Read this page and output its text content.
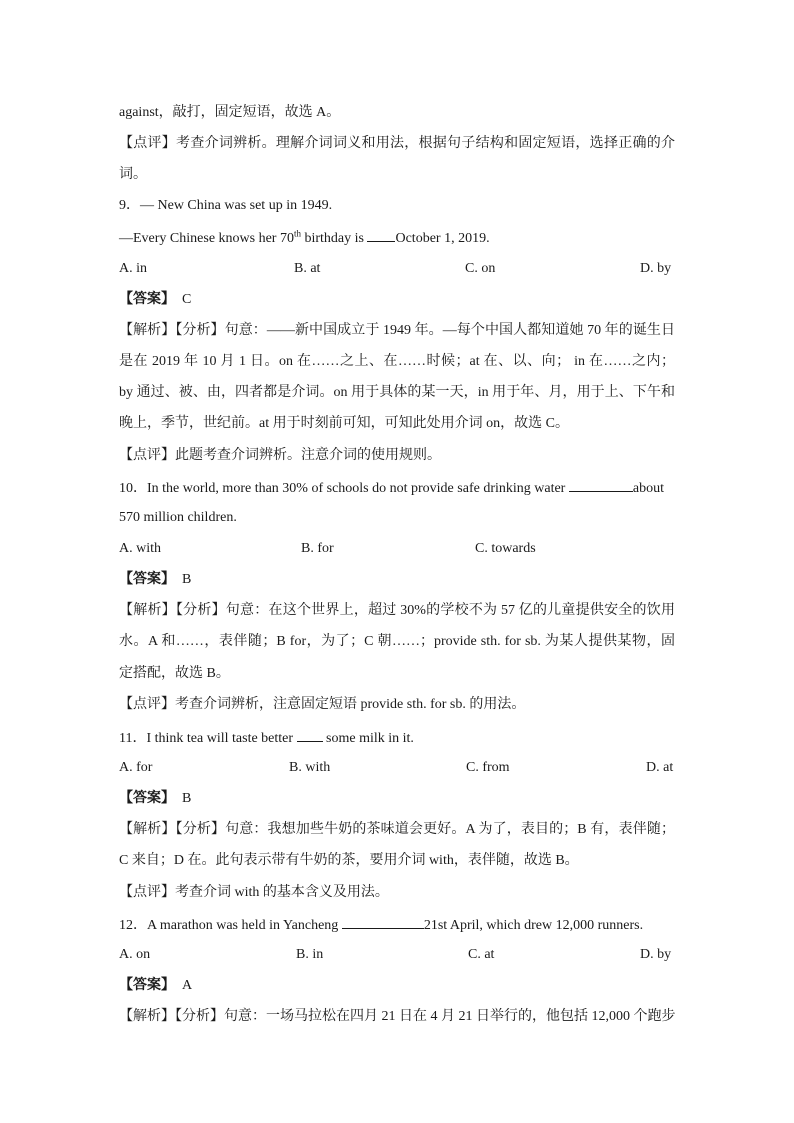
against，敲打，固定短语，故选 A。
【点评】考查介词辨析。理解介词词义和用法，根据句子结构和固定短语，选择正确的介
词。
9．— New China was set up in 1949.
—Every Chinese knows her 70th birthday is October 1, 2019.
A. in	B. at	C. on	D. by
【答案】 C
【解析】【分析】句意：——新中国成立于 1949 年。—每个中国人都知道她 70 年的诞生日
是在 2019 年 10 月 1 日。on 在……之上、在……时候；at 在、以、向； in 在……之内；
by 通过、被、由，四者都是介词。on 用于具体的某一天，in 用于年、月，用于上、下午和
晚上，季节，世纪前。at 用于时刻前可知，可知此处用介词 on，故选 C。
【点评】此题考查介词辨析。注意介词的使用规则。
10．In the world, more than 30% of schools do not provide safe drinking water	about
570 million children.
A. with	B. for	C. towards
【答案】 B
【解析】【分析】句意：在这个世界上，超过 30%的学校不为 57 亿的儿童提供安全的饮用
水。A 和……，表伴随；B for，为了；C 朝……；provide sth. for sb. 为某人提供某物，固
定搭配，故选 B。
【点评】考查介词辨析，注意固定短语 provide sth. for sb. 的用法。
11．I think tea will taste better  some milk in it.
A. for	B. with	C. from	D. at
【答案】 B
【解析】【分析】句意：我想加些牛奶的茶味道会更好。A 为了，表目的；B 有，表伴随；
C 来自；D 在。此句表示带有牛奶的茶，要用介词 with，表伴随，故选 B。
【点评】考查介词 with 的基本含义及用法。
12．A marathon was held in Yancheng	21st April, which drew 12,000 runners.
A. on	B. in	C. at	D. by
【答案】 A
【解析】【分析】句意：一场马拉松在四月 21 日在 4 月 21 日举行的，他包括 12,000 个跑步
